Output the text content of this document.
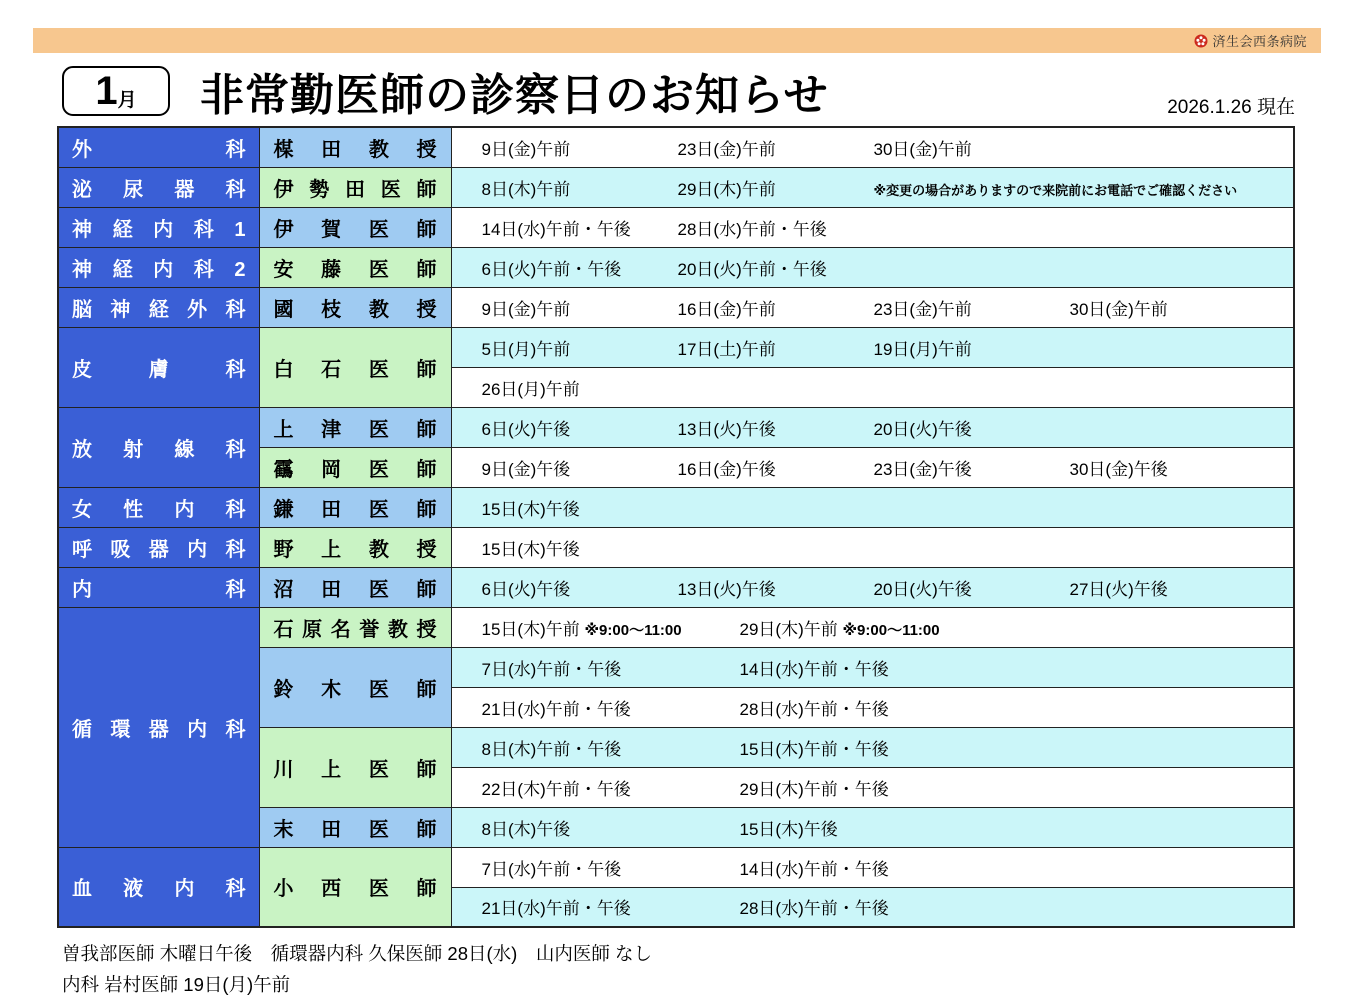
済生会西条病院
1 月 非常勤医師の診察日のお知らせ	2026.1.26 現在
外科	楳田教授	9日(金)午前 23日(金)午前 30日(金)午前
泌尿器科	伊勢田医師	8日(木)午前 29日(木)午前 ※変更の場合がありますので来院前にお電話でご確認ください
神経内科1	伊賀医師	14日(水)午前・午後 28日(水)午前・午後
神経内科2	安藤医師	6日(火)午前・午後 20日(火)午前・午後
脳神経外科	國枝教授	9日(金)午前 16日(金)午前 23日(金)午前 30日(金)午前
皮膚科	白石医師	5日(月)午前 17日(土)午前 19日(月)午前
		26日(月)午前
放射線科	上津医師	6日(火)午後 13日(火)午後 20日(火)午後
	靍岡医師	9日(金)午後 16日(金)午後 23日(金)午後 30日(金)午後
女性内科	鎌田医師	15日(木)午後
呼吸器内科	野上教授	15日(木)午後
内科	沼田医師	6日(火)午後 13日(火)午後 20日(火)午後 27日(火)午後
循環器内科	石原名誉教授	15日(木)午前 ※9:00～11:00 29日(木)午前 ※9:00～11:00
	鈴木医師	7日(水)午前・午後 14日(水)午前・午後
		21日(水)午前・午後 28日(水)午前・午後
	川上医師	8日(木)午前・午後 15日(木)午前・午後
		22日(木)午前・午後 29日(木)午前・午後
	末田医師	8日(木)午後 15日(木)午後
血液内科	小西医師	7日(水)午前・午後 14日(水)午前・午後
		21日(水)午前・午後 28日(水)午前・午後
曽我部医師 木曜日午後　循環器内科 久保医師 28日(水)　山内医師 なし
内科 岩村医師 19日(月)午前
